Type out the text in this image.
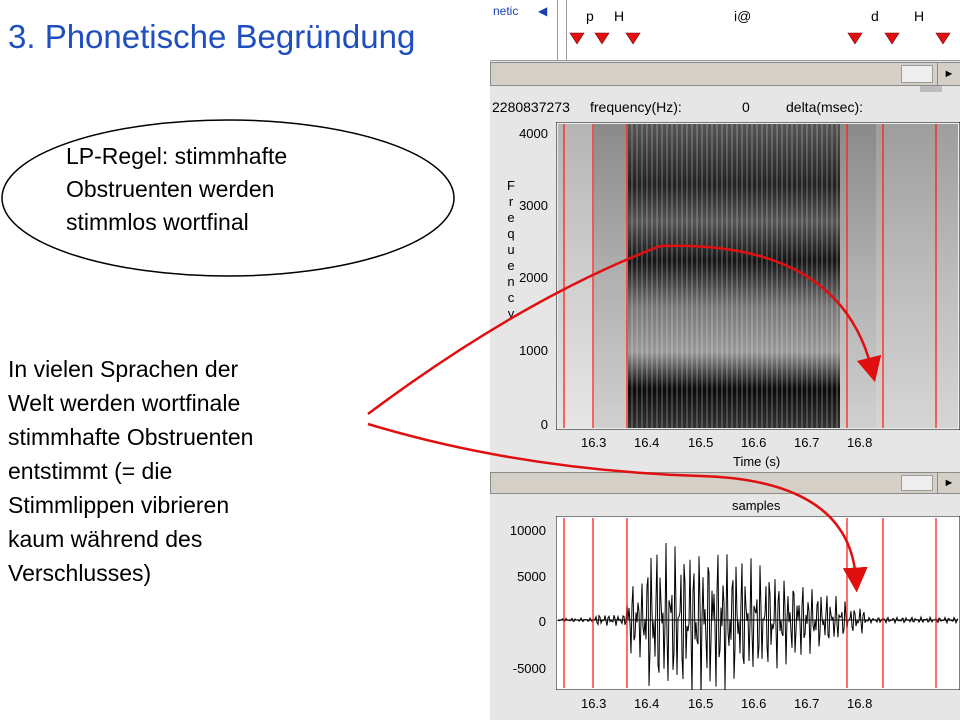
3. Phonetische Begründung
LP-Regel: stimmhafte
Obstruenten werden
stimmlos wortfinal
In vielen Sprachen der
Welt werden wortfinale
stimmhafte Obstruenten
entstimmt (= die
Stimmlippen vibrieren
kaum während des
Verschlusses)
netic ◀	p H	i@	d	H
►
2280837273 frequency(Hz):	0	delta(msec):
F
r
e
q
u
e
n
c
y
4000
3000
2000
1000
0
16.3 16.4 16.5 16.6 16.7 16.8
Time (s)
►
samples
10000
5000
0
-5000
16.3 16.4 16.5 16.6 16.7 16.8
